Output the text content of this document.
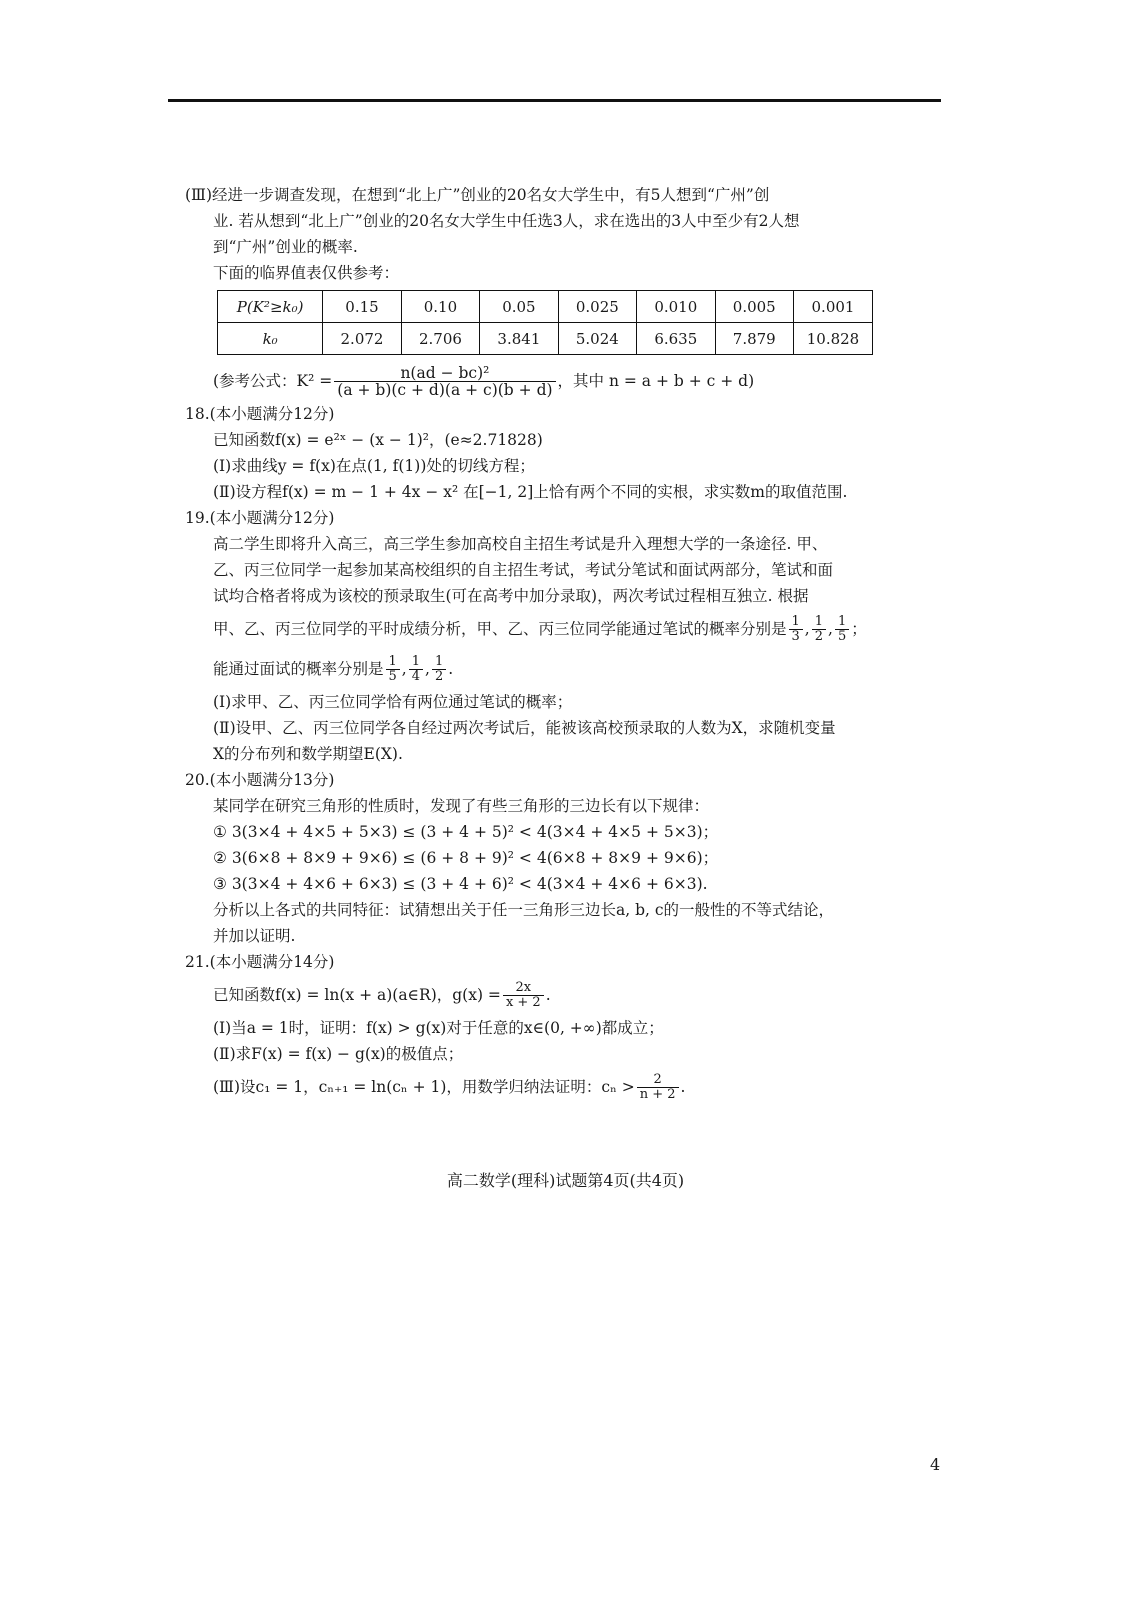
(Ⅲ)经进一步调查发现，在想到“北上广”创业的20名女大学生中，有5人想到“广州”创
业. 若从想到“北上广”创业的20名女大学生中任选3人，求在选出的3人中至少有2人想
到“广州”创业的概率.
下面的临界值表仅供参考：
P(K²≥k₀)	0.15	0.10	0.05	0.025	0.010	0.005	0.001
k₀	2.072	2.706	3.841	5.024	6.635	7.879	10.828
(参考公式：$K^2 = \frac{\text{n(ad − bc)²}}{(a + b)(c + d)(a + c)(b + d)}$ ，其中 n = a + b + c + d)
18.(本小题满分12分)
已知函数f(x) = e²ˣ − (x − 1)²，(e≈2.71828)
(Ⅰ)求曲线y = f(x)在点(1, f(1))处的切线方程；
(Ⅱ)设方程f(x) = m − 1 + 4x − x² 在[−1, 2]上恰有两个不同的实根，求实数m的取值范围.
19.(本小题满分12分)
高二学生即将升入高三，高三学生参加高校自主招生考试是升入理想大学的一条途径. 甲、
乙、丙三位同学一起参加某高校组织的自主招生考试，考试分笔试和面试两部分，笔试和面
试均合格者将成为该校的预录取生(可在高考中加分录取)，两次考试过程相互独立. 根据
甲、乙、丙三位同学的平时成绩分析，甲、乙、丙三位同学能通过笔试的概率分别是 $\frac{1}{3}$ , $\frac{1}{2}$ , $\frac{1}{5}$ ；
能通过面试的概率分别是 $\frac{1}{5}$ , $\frac{1}{4}$ , $\frac{1}{2}$ .
(Ⅰ)求甲、乙、丙三位同学恰有两位通过笔试的概率；
(Ⅱ)设甲、乙、丙三位同学各自经过两次考试后，能被该高校预录取的人数为X，求随机变量
X的分布列和数学期望E(X).
20.(本小题满分13分)
某同学在研究三角形的性质时，发现了有些三角形的三边长有以下规律：
① 3(3×4 + 4×5 + 5×3) ≤ (3 + 4 + 5)² < 4(3×4 + 4×5 + 5×3)；
② 3(6×8 + 8×9 + 9×6) ≤ (6 + 8 + 9)² < 4(6×8 + 8×9 + 9×6)；
③ 3(3×4 + 4×6 + 6×3) ≤ (3 + 4 + 6)² < 4(3×4 + 4×6 + 6×3).
分析以上各式的共同特征：试猜想出关于任一三角形三边长a, b, c的一般性的不等式结论，
并加以证明.
21.(本小题满分14分)
已知函数f(x) = ln(x + a)(a∈R)，$g(x) = \frac{2x}{x + 2}$ .
(Ⅰ)当a = 1时，证明：f(x) > g(x)对于任意的x∈(0, +∞)都成立；
(Ⅱ)求F(x) = f(x) − g(x)的极值点；
(Ⅲ)设c₁ = 1，cₙ₊₁ = ln(cₙ + 1)，用数学归纳法证明：$c_n > \frac{2}{n + 2}$ .
高二数学(理科)试题第4页(共4页)
4
